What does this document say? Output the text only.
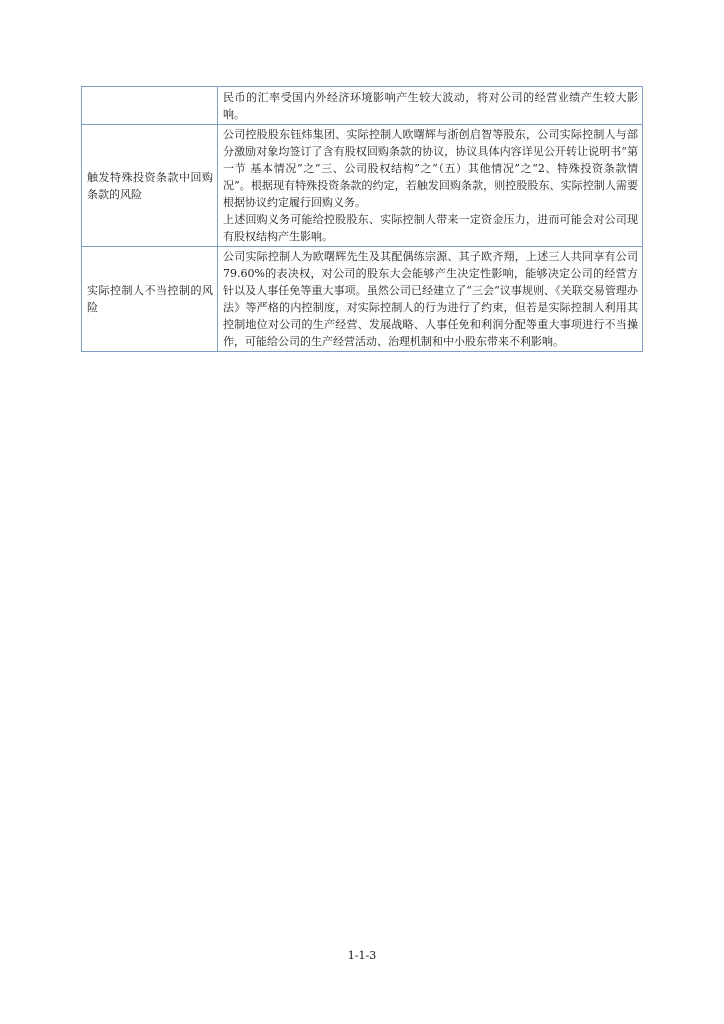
	民币的汇率受国内外经济环境影响产生较大波动，将对公司的经营业绩产生较大影响。

触发特殊投资条款中回购条款的风险	公司控股股东钰炜集团、实际控制人欧曙辉与浙创启智等股东，公司实际控制人与部分激励对象均签订了含有股权回购条款的协议，协议具体内容详见公开转让说明书“第一节 基本情况”之“三、公司股权结构”之“（五）其他情况”之“2、特殊投资条款情况”。根据现有特殊投资条款的约定，若触发回购条款，则控股股东、实际控制人需要根据协议约定履行回购义务。

上述回购义务可能给控股股东、实际控制人带来一定资金压力，进而可能会对公司现有股权结构产生影响。

实际控制人不当控制的风险	公司实际控制人为欧曙辉先生及其配偶练宗源、其子欧齐翔，上述三人共同享有公司 79.60%的表决权，对公司的股东大会能够产生决定性影响，能够决定公司的经营方针以及人事任免等重大事项。虽然公司已经建立了“三会”议事规则、《关联交易管理办法》等严格的内控制度，对实际控制人的行为进行了约束，但若是实际控制人利用其控制地位对公司的生产经营、发展战略、人事任免和利润分配等重大事项进行不当操作，可能给公司的生产经营活动、治理机制和中小股东带来不利影响。

1-1-3
